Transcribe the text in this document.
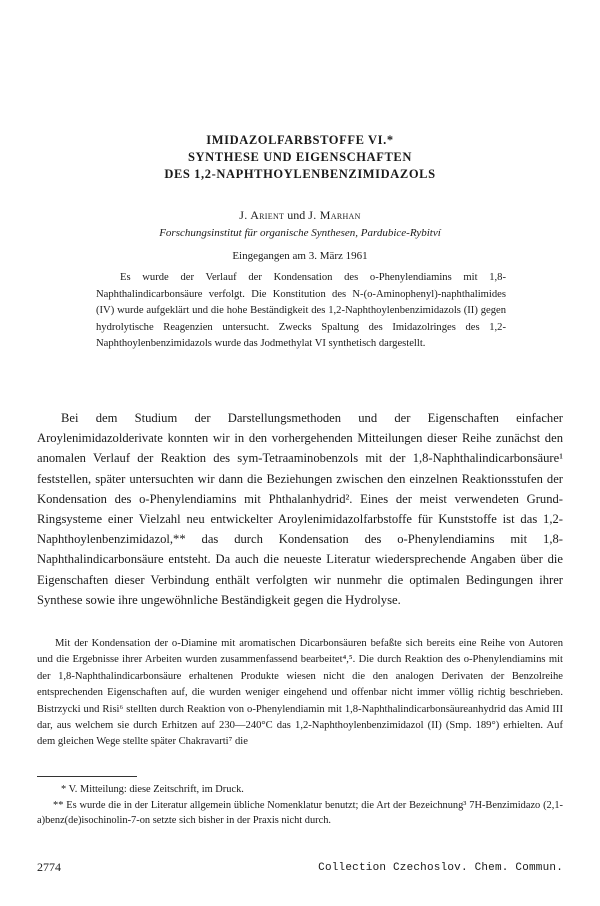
IMIDAZOLFARBSTOFFE VI.*
SYNTHESE UND EIGENSCHAFTEN
DES 1,2-NAPHTHOYLENBENZIMIDAZOLS
J. Arient und J. Marhan
Forschungsinstitut für organische Synthesen, Pardubice-Rybitví
Eingegangen am 3. März 1961

Es wurde der Verlauf der Kondensation des o-Phenylendiamins mit 1,8-Naphthalindicarbonsäure verfolgt. Die Konstitution des N-(o-Aminophenyl)-naphthalimides (IV) wurde aufgeklärt und die hohe Beständigkeit des 1,2-Naphthoylenbenzimidazols (II) gegen hydrolytische Reagenzien untersucht. Zwecks Spaltung des Imidazolringes des 1,2-Naphthoylenbenzimidazols wurde das Jodmethylat VI synthetisch dargestellt.

Bei dem Studium der Darstellungsmethoden und der Eigenschaften einfacher Aroylenimidazolderivate konnten wir in den vorhergehenden Mitteilungen dieser Reihe zunächst den anomalen Verlauf der Reaktion des sym-Tetraaminobenzols mit der 1,8-Naphthalindicarbonsäure¹ feststellen, später untersuchten wir dann die Beziehungen zwischen den einzelnen Reaktionsstufen der Kondensation des o-Phenylendiamins mit Phthalanhydrid². Eines der meist verwendeten Grund-Ringsysteme einer Vielzahl neu entwickelter Aroylenimidazolfarbstoffe für Kunststoffe ist das 1,2-Naphthoylenbenzimidazol,** das durch Kondensation des o-Phenylendiamins mit 1,8-Naphthalindicarbonsäure entsteht. Da auch die neueste Literatur wiedersprechende Angaben über die Eigenschaften dieser Verbindung enthält verfolgten wir nunmehr die optimalen Bedingungen ihrer Synthese sowie ihre ungewöhnliche Beständigkeit gegen die Hydrolyse.

Mit der Kondensation der o-Diamine mit aromatischen Dicarbonsäuren befaßte sich bereits eine Reihe von Autoren und die Ergebnisse ihrer Arbeiten wurden zusammenfassend bearbeitet⁴,⁵. Die durch Reaktion des o-Phenylendiamins mit der 1,8-Naphthalindicarbonsäure erhaltenen Produkte wiesen nicht die den analogen Derivaten der Benzolreihe entsprechenden Eigenschaften auf, die wurden weniger eingehend und offenbar nicht immer völlig richtig beschrieben. Bistrzycki und Risi⁶ stellten durch Reaktion von o-Phenylendiamin mit 1,8-Naphthalindicarbonsäureanhydrid das Amid III dar, aus welchem sie durch Erhitzen auf 230—240°C das 1,2-Naphthoylenbenzimidazol (II) (Smp. 189°) erhielten. Auf dem gleichen Wege stellte später Chakravarti⁷ die

* V. Mitteilung: diese Zeitschrift, im Druck.

** Es wurde die in der Literatur allgemein übliche Nomenklatur benutzt; die Art der Bezeichnung³ 7H-Benzimidazo (2,1-a)benz(de)isochinolin-7-on setzte sich bisher in der Praxis nicht durch.

2774	Collection Czechoslov. Chem. Commun.
